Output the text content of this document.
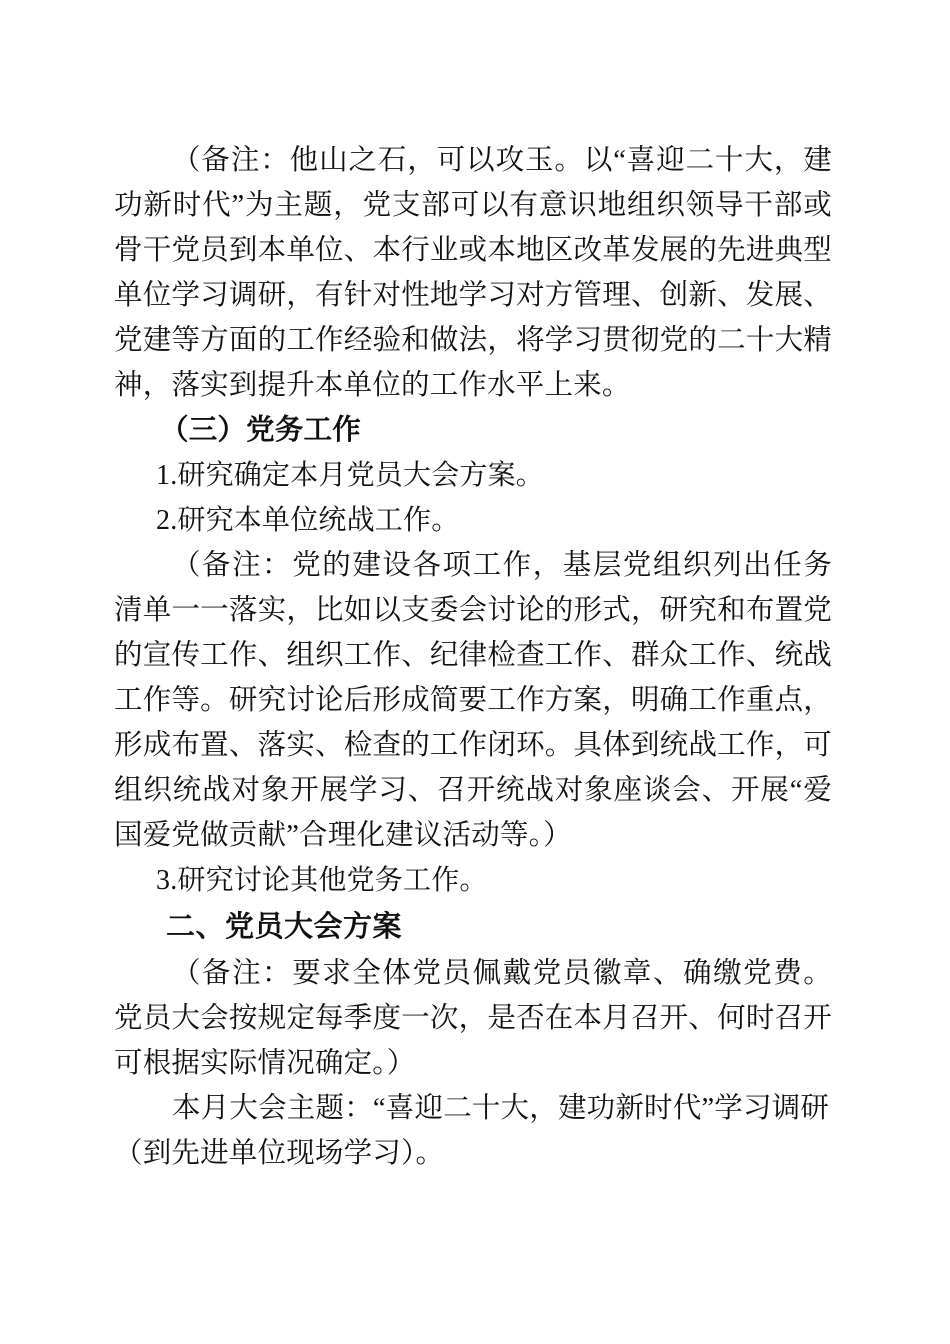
（备注：他山之石，可以攻玉。以“喜迎二十大，建功新时代”为主题，党支部可以有意识地组织领导干部或骨干党员到本单位、本行业或本地区改革发展的先进典型单位学习调研，有针对性地学习对方管理、创新、发展、党建等方面的工作经验和做法，将学习贯彻党的二十大精神，落实到提升本单位的工作水平上来。

（三）党务工作

1.研究确定本月党员大会方案。

2.研究本单位统战工作。

（备注：党的建设各项工作，基层党组织列出任务清单一一落实，比如以支委会讨论的形式，研究和布置党的宣传工作、组织工作、纪律检查工作、群众工作、统战工作等。研究讨论后形成简要工作方案，明确工作重点，形成布置、落实、检查的工作闭环。具体到统战工作，可组织统战对象开展学习、召开统战对象座谈会、开展“爱国爱党做贡献”合理化建议活动等。）

3.研究讨论其他党务工作。

二、党员大会方案

（备注：要求全体党员佩戴党员徽章、确缴党费。党员大会按规定每季度一次，是否在本月召开、何时召开可根据实际情况确定。）

本月大会主题：“喜迎二十大，建功新时代”学习调研（到先进单位现场学习）。
